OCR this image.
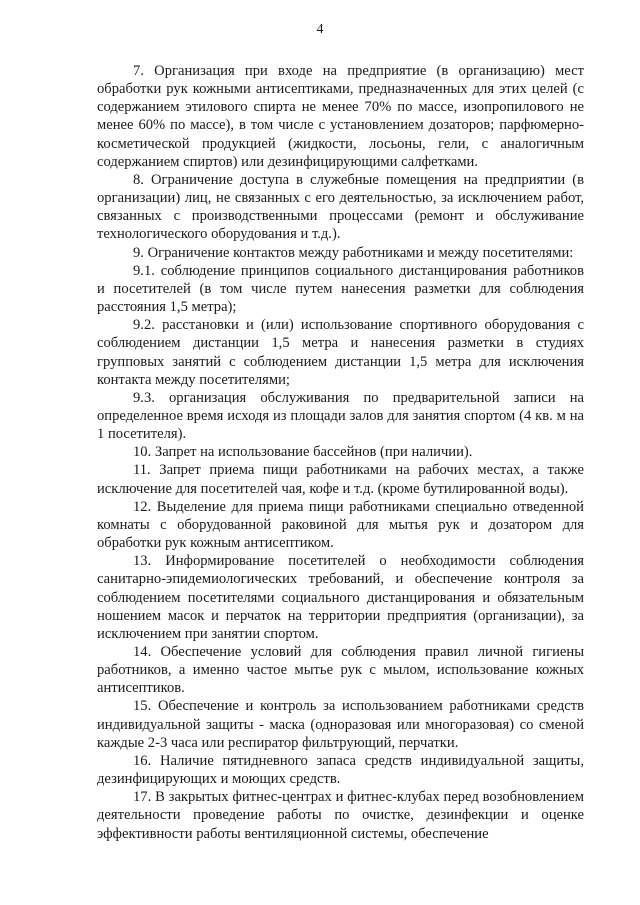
4

7. Организация при входе на предприятие (в организацию) мест обработки рук кожными антисептиками, предназначенных для этих целей (с содержанием этилового спирта не менее 70% по массе, изопропилового не менее 60% по массе), в том числе с установлением дозаторов; парфюмерно-косметической продукцией (жидкости, лосьоны, гели, с аналогичным содержанием спиртов) или дезинфицирующими салфетками.

8. Ограничение доступа в служебные помещения на предприятии (в организации) лиц, не связанных с его деятельностью, за исключением работ, связанных с производственными процессами (ремонт и обслуживание технологического оборудования и т.д.).

9. Ограничение контактов между работниками и между посетителями:

9.1. соблюдение принципов социального дистанцирования работников и посетителей (в том числе путем нанесения разметки для соблюдения расстояния 1,5 метра);

9.2. расстановки и (или) использование спортивного оборудования с соблюдением дистанции 1,5 метра и нанесения разметки в студиях групповых занятий с соблюдением дистанции 1,5 метра для исключения контакта между посетителями;

9.3. организация обслуживания по предварительной записи на определенное время исходя из площади залов для занятия спортом (4 кв. м на 1 посетителя).

10. Запрет на использование бассейнов (при наличии).

11. Запрет приема пищи работниками на рабочих местах, а также исключение для посетителей чая, кофе и т.д. (кроме бутилированной воды).

12. Выделение для приема пищи работниками специально отведенной комнаты с оборудованной раковиной для мытья рук и дозатором для обработки рук кожным антисептиком.

13. Информирование посетителей о необходимости соблюдения санитарно-эпидемиологических требований, и обеспечение контроля за соблюдением посетителями социального дистанцирования и обязательным ношением масок и перчаток на территории предприятия (организации), за исключением при занятии спортом.

14. Обеспечение условий для соблюдения правил личной гигиены работников, а именно частое мытье рук с мылом, использование кожных антисептиков.

15. Обеспечение и контроль за использованием работниками средств индивидуальной защиты - маска (одноразовая или многоразовая) со сменой каждые 2-3 часа или респиратор фильтрующий, перчатки.

16. Наличие пятидневного запаса средств индивидуальной защиты, дезинфицирующих и моющих средств.

17. В закрытых фитнес-центрах и фитнес-клубах перед возобновлением деятельности проведение работы по очистке, дезинфекции и оценке эффективности работы вентиляционной системы, обеспечение
